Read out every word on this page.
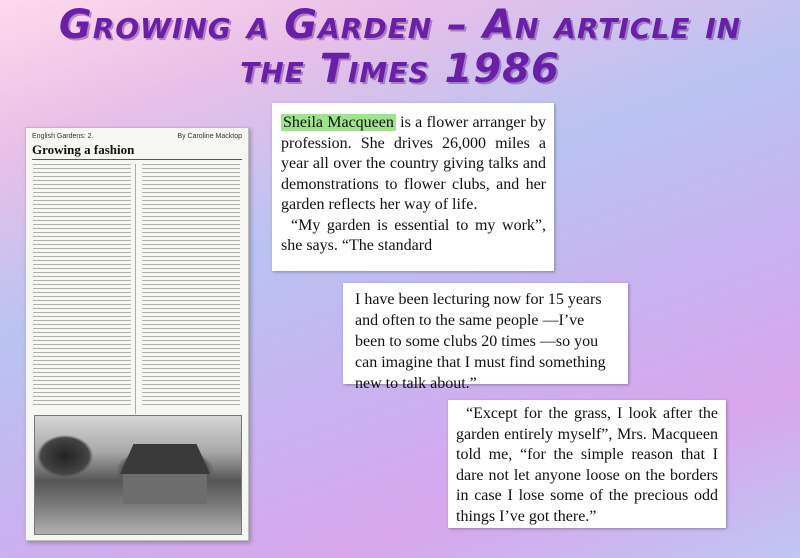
Growing a Garden – An article in
the Times 1986
English Gardens: 2.	By Caroline Macktop
Growing a fashion

Sheila Macqueen is a flower arranger by profession. She drives 26,000 miles a year all over the country giving talks and demonstrations to flower clubs, and her garden reflects her way of life.

“My garden is essential to my work”, she says. “The standard

I have been lecturing now for 15 years and often to the same people —I’ve been to some clubs 20 times —so you can imagine that I must find something new to talk about.”

“Except for the grass, I look after the garden entirely myself”, Mrs. Macqueen told me, “for the simple reason that I dare not let anyone loose on the borders in case I lose some of the precious odd things I’ve got there.”
